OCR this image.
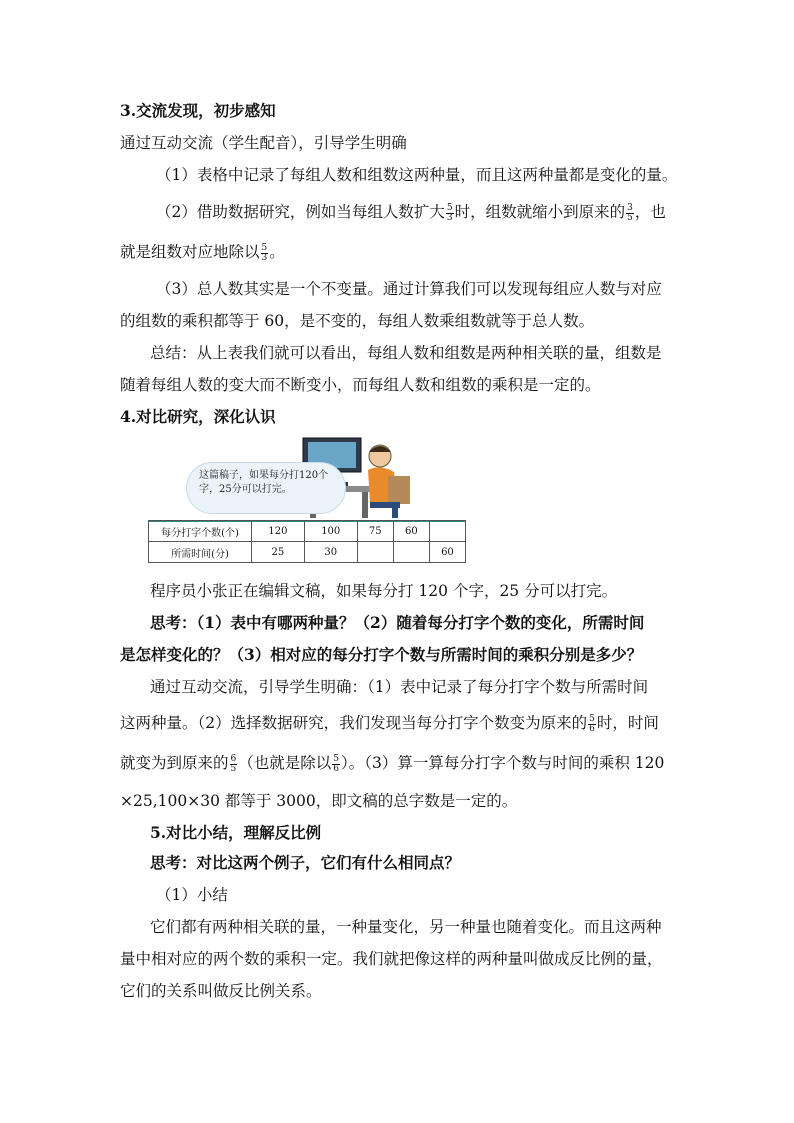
3.交流发现，初步感知
通过互动交流（学生配音），引导学生明确
（1）表格中记录了每组人数和组数这两种量，而且这两种量都是变化的量。
（2）借助数据研究，例如当每组人数扩大 $\frac{5}{3}$ 时，组数就缩小到原来的 $\frac{3}{5}$ ，也
就是组数对应地除以 $\frac{5}{3}$ 。
（3）总人数其实是一个不变量。通过计算我们可以发现每组应人数与对应
的组数的乘积都等于 60，是不变的，每组人数乘组数就等于总人数。
总结：从上表我们就可以看出，每组人数和组数是两种相关联的量，组数是
随着每组人数的变大而不断变小，而每组人数和组数的乘积是一定的。
4.对比研究，深化认识
这篇稿子，如果每分打120个字，25分可以打完。
每分打字个数(个)	120	100	75	60	
所需时间(分)	25	30			60
程序员小张正在编辑文稿，如果每分打 120 个字，25 分可以打完。
思考：（1）表中有哪两种量？（2）随着每分打字个数的变化，所需时间
是怎样变化的？（3）相对应的每分打字个数与所需时间的乘积分别是多少？
通过互动交流，引导学生明确：（1）表中记录了每分打字个数与所需时间
这两种量。（2）选择数据研究，我们发现当每分打字个数变为原来的 $\frac{5}{6}$ 时，时间
就变为到原来的 $\frac{6}{5}$ （也就是除以 $\frac{5}{6}$ ）。（3）算一算每分打字个数与时间的乘积 120
×25,100×30 都等于 3000，即文稿的总字数是一定的。
5.对比小结，理解反比例
思考：对比这两个例子，它们有什么相同点？
（1）小结
它们都有两种相关联的量，一种量变化，另一种量也随着变化。而且这两种
量中相对应的两个数的乘积一定。我们就把像这样的两种量叫做成反比例的量，
它们的关系叫做反比例关系。
